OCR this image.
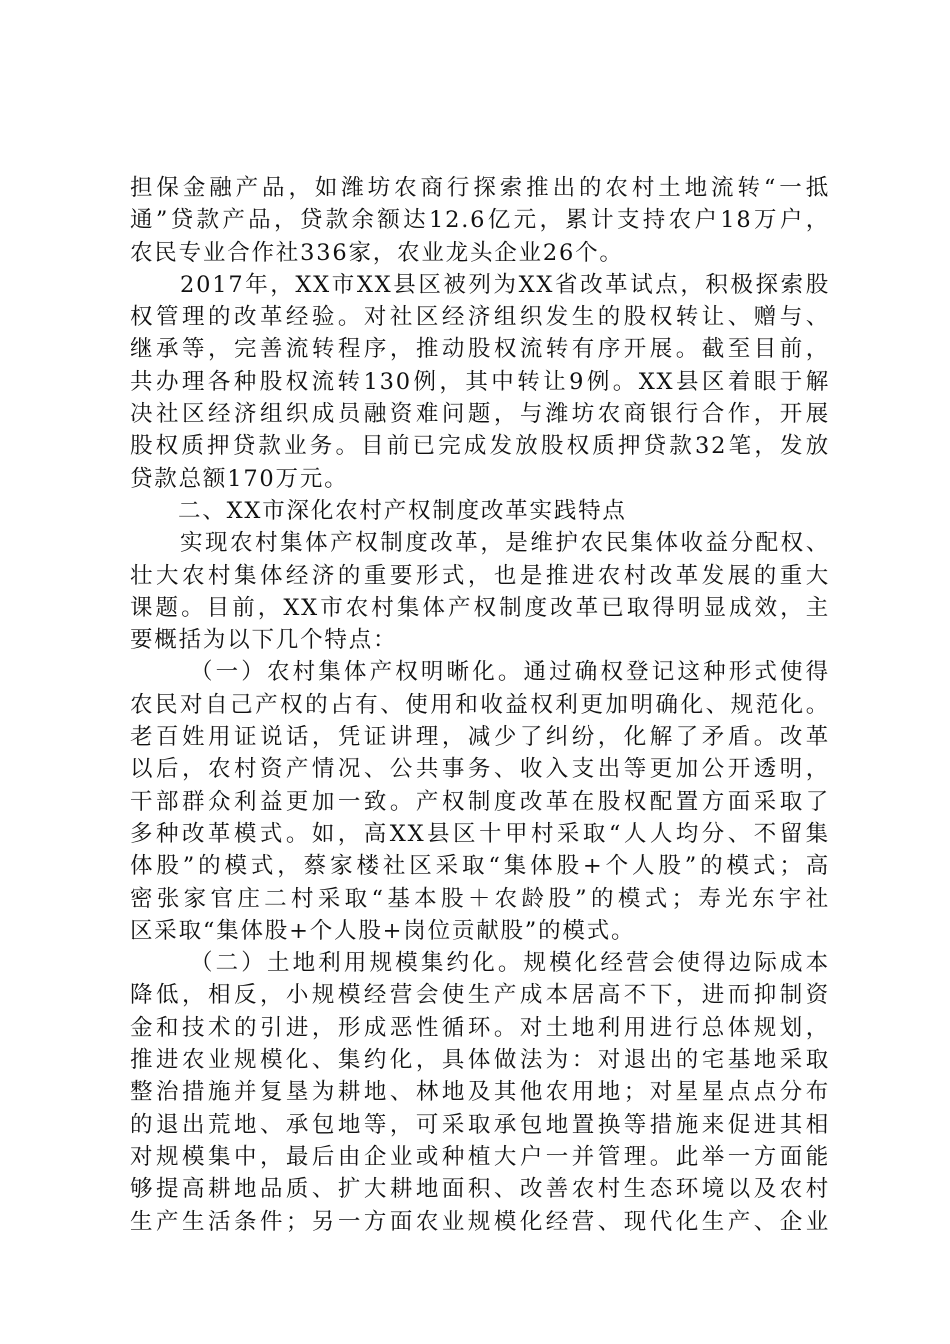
担保金融产品，如潍坊农商行探索推出的农村土地流转“一抵
通”贷款产品，贷款余额达12.6亿元，累计支持农户18万户，
农民专业合作社336家，农业龙头企业26个。
2017年，XX市XX县区被列为XX省改革试点，积极探索股
权管理的改革经验。对社区经济组织发生的股权转让、赠与、
继承等，完善流转程序，推动股权流转有序开展。截至目前，
共办理各种股权流转130例，其中转让9例。XX县区着眼于解
决社区经济组织成员融资难问题，与潍坊农商银行合作，开展
股权质押贷款业务。目前已完成发放股权质押贷款32笔，发放
贷款总额170万元。
二、XX市深化农村产权制度改革实践特点
实现农村集体产权制度改革，是维护农民集体收益分配权、
壮大农村集体经济的重要形式，也是推进农村改革发展的重大
课题。目前，XX市农村集体产权制度改革已取得明显成效，主
要概括为以下几个特点：
（一）农村集体产权明晰化。通过确权登记这种形式使得
农民对自己产权的占有、使用和收益权利更加明确化、规范化。
老百姓用证说话，凭证讲理，减少了纠纷，化解了矛盾。改革
以后，农村资产情况、公共事务、收入支出等更加公开透明，
干部群众利益更加一致。产权制度改革在股权配置方面采取了
多种改革模式。如，高XX县区十甲村采取“人人均分、不留集
体股”的模式，蔡家楼社区采取“集体股+个人股”的模式；高
密张家官庄二村采取“基本股＋农龄股”的模式；寿光东宇社
区采取“集体股+个人股+岗位贡献股”的模式。
（二）土地利用规模集约化。规模化经营会使得边际成本
降低，相反，小规模经营会使生产成本居高不下，进而抑制资
金和技术的引进，形成恶性循环。对土地利用进行总体规划，
推进农业规模化、集约化，具体做法为：对退出的宅基地采取
整治措施并复垦为耕地、林地及其他农用地；对星星点点分布
的退出荒地、承包地等，可采取承包地置换等措施来促进其相
对规模集中，最后由企业或种植大户一并管理。此举一方面能
够提高耕地品质、扩大耕地面积、改善农村生态环境以及农村
生产生活条件；另一方面农业规模化经营、现代化生产、企业
